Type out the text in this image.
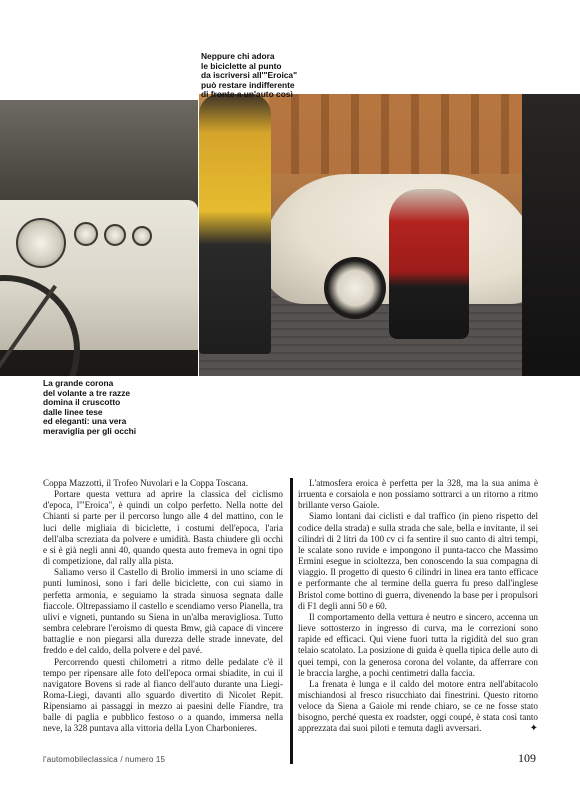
Neppure chi adora
le biciclette al punto
da iscriversi all'"Eroica"
può restare indifferente
di fronte a un'auto così
La grande corona
del volante a tre razze
domina il cruscotto
dalle linee tese
ed eleganti: una vera
meraviglia per gli occhi

Coppa Mazzotti, il Trofeo Nuvolari e la Coppa Toscana.

Portare questa vettura ad aprire la classica del ciclismo d'epoca, l'"Eroica", è quindi un colpo perfetto. Nella notte del Chianti si parte per il percorso lungo alle 4 del mattino, con le luci delle migliaia di biciclette, i costumi dell'epoca, l'aria dell'alba screziata da polvere e umidità. Basta chiudere gli occhi e si è già negli anni 40, quando questa auto fremeva in ogni tipo di competizione, dal rally alla pista.

Saliamo verso il Castello di Brolio immersi in uno sciame di punti luminosi, sono i fari delle biciclette, con cui siamo in perfetta armonia, e seguiamo la strada sinuosa segnata dalle fiaccole. Oltrepassiamo il castello e scendiamo verso Pianella, tra ulivi e vigneti, puntando su Siena in un'alba meravigliosa. Tutto sembra celebrare l'eroismo di questa Bmw, già capace di vincere battaglie e non piegarsi alla durezza delle strade innevate, del freddo e del caldo, della polvere e del pavé.

Percorrendo questi chilometri a ritmo delle pedalate c'è il tempo per ripensare alle foto dell'epoca ormai sbiadite, in cui il navigatore Bovens si rade al fianco dell'auto durante una Liegi-Roma-Liegi, davanti allo sguardo divertito di Nicolet Repit. Ripensiamo ai passaggi in mezzo ai paesini delle Fiandre, tra balle di paglia e pubblico festoso o a quando, immersa nella neve, la 328 puntava alla vittoria della Lyon Charbonieres.

L'atmosfera eroica è perfetta per la 328, ma la sua anima è irruenta e corsaiola e non possiamo sottrarci a un ritorno a ritmo brillante verso Gaiole.

Siamo lontani dai ciclisti e dal traffico (in pieno rispetto del codice della strada) e sulla strada che sale, bella e invitante, il sei cilindri di 2 litri da 100 cv ci fa sentire il suo canto di altri tempi, le scalate sono ruvide e impongono il punta-tacco che Massimo Ermini esegue in scioltezza, ben conoscendo la sua compagna di viaggio. Il progetto di questo 6 cilindri in linea era tanto efficace e performante che al termine della guerra fu preso dall'inglese Bristol come bottino di guerra, divenendo la base per i propulsori di F1 degli anni 50 e 60.

Il comportamento della vettura è neutro e sincero, accenna un lieve sottosterzo in ingresso di curva, ma le correzioni sono rapide ed efficaci. Qui viene fuori tutta la rigidità del suo gran telaio scatolato. La posizione di guida è quella tipica delle auto di quei tempi, con la generosa corona del volante, da afferrare con le braccia larghe, a pochi centimetri dalla faccia.

La frenata è lunga e il caldo del motore entra nell'abitacolo mischiandosi al fresco risucchiato dai finestrini. Questo ritorno veloce da Siena a Gaiole mi rende chiaro, se ce ne fosse stato bisogno, perché questa ex roadster, oggi coupé, è stata così tanto apprezzata dai suoi piloti e temuta dagli avversari.	✦

l'automobileclassica / numero 15	109
